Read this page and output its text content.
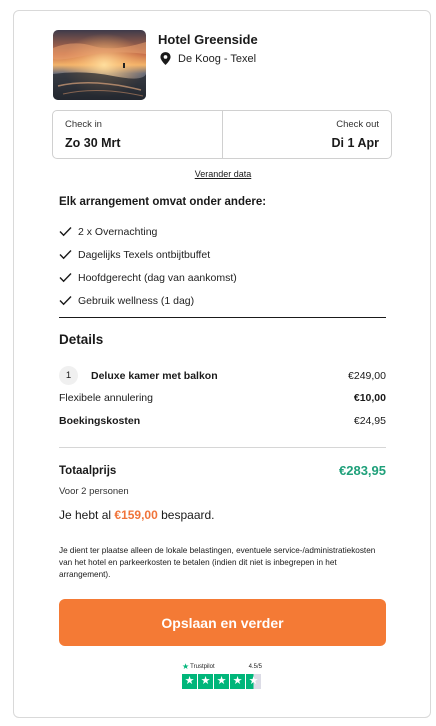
Hotel Greenside
De Koog - Texel
Check in
Zo 30 Mrt
Check out
Di 1 Apr
Verander data
Elk arrangement omvat onder andere:
2 x Overnachting
Dagelijks Texels ontbijtbuffet
Hoofdgerecht (dag van aankomst)
Gebruik wellness (1 dag)
Details
1	Deluxe kamer met balkon	€249,00
Flexibele annulering	€10,00
Boekingskosten	€24,95
Totaalprijs	€283,95
Voor 2 personen
Je hebt al €159,00 bespaard.
Je dient ter plaatse alleen de lokale belastingen, eventuele service-/administratiekosten van het hotel en parkeerkosten te betalen (indien dit niet is inbegrepen in het arrangement).
Opslaan en verder
★ Trustpilot	4.5/5
★ ★ ★ ★ ★
